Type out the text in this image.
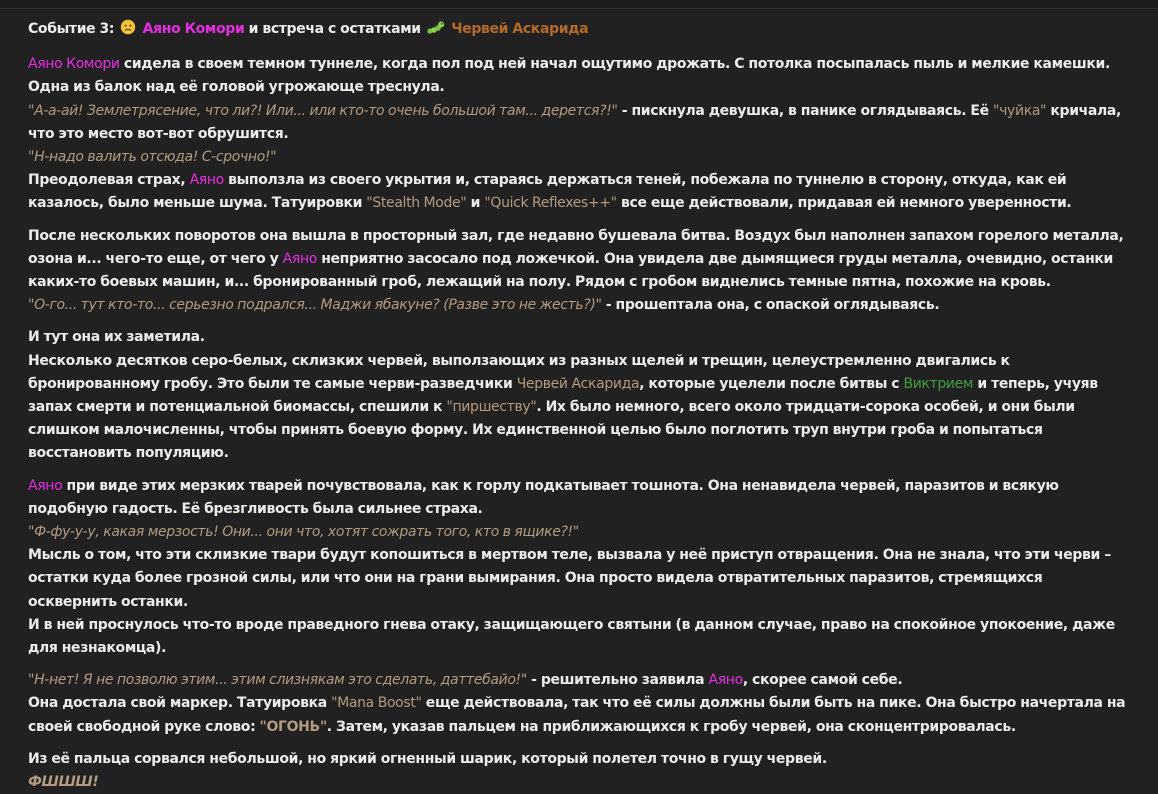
Событие 3:  Аяно Комори и встреча с остатками  Червей Аскарида

Аяно Комори сидела в своем темном туннеле, когда пол под ней начал ощутимо дрожать. С потолка посыпалась пыль и мелкие камешки. Одна из балок над её головой угрожающе треснула.
"А-а-ай! Землетрясение, что ли?! Или... или кто-то очень большой там... дерется?!" - пискнула девушка, в панике оглядываясь. Её "чуйка" кричала, что это место вот-вот обрушится.
"Н-надо валить отсюда! С-срочно!"
Преодолевая страх, Аяно выползла из своего укрытия и, стараясь держаться теней, побежала по туннелю в сторону, откуда, как ей казалось, было меньше шума. Татуировки "Stealth Mode" и "Quick Reflexes++" все еще действовали, придавая ей немного уверенности.

После нескольких поворотов она вышла в просторный зал, где недавно бушевала битва. Воздух был наполнен запахом горелого металла, озона и... чего-то еще, от чего у Аяно неприятно засосало под ложечкой. Она увидела две дымящиеся груды металла, очевидно, останки каких-то боевых машин, и... бронированный гроб, лежащий на полу. Рядом с гробом виднелись темные пятна, похожие на кровь.
"О-го... тут кто-то... серьезно подрался... Маджи ябакуне? (Разве это не жесть?)" - прошептала она, с опаской оглядываясь.

И тут она их заметила.
Несколько десятков серо-белых, склизких червей, выползающих из разных щелей и трещин, целеустремленно двигались к бронированному гробу. Это были те самые черви-разведчики Червей Аскарида, которые уцелели после битвы с Виктрием и теперь, учуяв запах смерти и потенциальной биомассы, спешили к "пиршеству". Их было немного, всего около тридцати-сорока особей, и они были слишком малочисленны, чтобы принять боевую форму. Их единственной целью было поглотить труп внутри гроба и попытаться восстановить популяцию.

Аяно при виде этих мерзких тварей почувствовала, как к горлу подкатывает тошнота. Она ненавидела червей, паразитов и всякую подобную гадость. Её брезгливость была сильнее страха.
"Ф-фу-у-у, какая мерзость! Они... они что, хотят сожрать того, кто в ящике?!"
Мысль о том, что эти склизкие твари будут копошиться в мертвом теле, вызвала у неё приступ отвращения. Она не знала, что эти черви – остатки куда более грозной силы, или что они на грани вымирания. Она просто видела отвратительных паразитов, стремящихся осквернить останки.
И в ней проснулось что-то вроде праведного гнева отаку, защищающего святыни (в данном случае, право на спокойное упокоение, даже для незнакомца).

"Н-нет! Я не позволю этим... этим слизнякам это сделать, даттебайо!" - решительно заявила Аяно, скорее самой себе.
Она достала свой маркер. Татуировка "Mana Boost" еще действовала, так что её силы должны были быть на пике. Она быстро начертала на своей свободной руке слово: "ОГОНЬ". Затем, указав пальцем на приближающихся к гробу червей, она сконцентрировалась.

Из её пальца сорвался небольшой, но яркий огненный шарик, который полетел точно в гущу червей.
ФШШШ!
